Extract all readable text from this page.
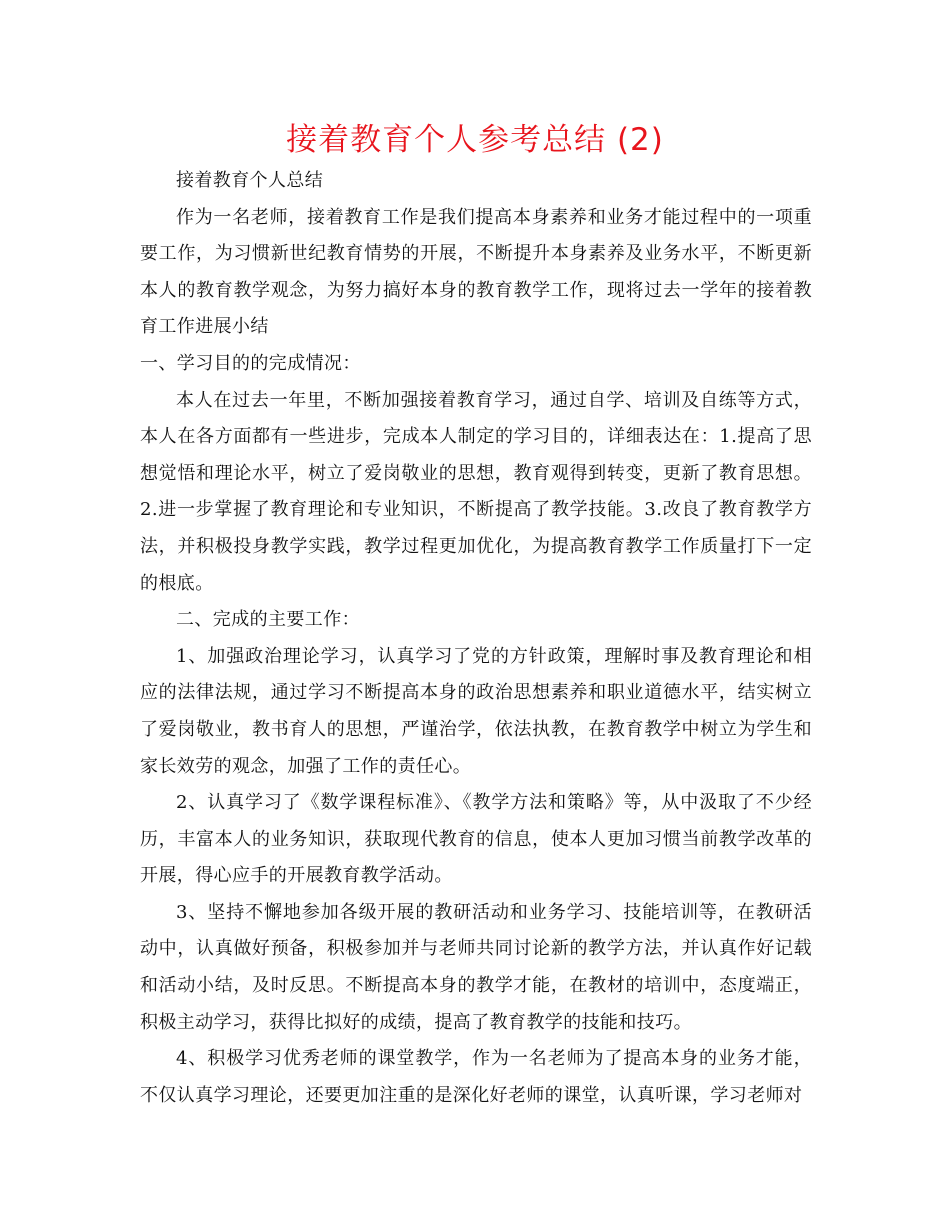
接着教育个人参考总结 (2)

接着教育个人总结

作为一名老师，接着教育工作是我们提高本身素养和业务才能过程中的一项重要工作，为习惯新世纪教育情势的开展，不断提升本身素养及业务水平，不断更新本人的教育教学观念，为努力搞好本身的教育教学工作，现将过去一学年的接着教育工作进展小结

一、学习目的的完成情况：

本人在过去一年里，不断加强接着教育学习，通过自学、培训及自练等方式，本人在各方面都有一些进步，完成本人制定的学习目的，详细表达在：1.提高了思想觉悟和理论水平，树立了爱岗敬业的思想，教育观得到转变，更新了教育思想。2.进一步掌握了教育理论和专业知识，不断提高了教学技能。3.改良了教育教学方法，并积极投身教学实践，教学过程更加优化，为提高教育教学工作质量打下一定的根底。

二、完成的主要工作：

1、加强政治理论学习，认真学习了党的方针政策，理解时事及教育理论和相应的法律法规，通过学习不断提高本身的政治思想素养和职业道德水平，结实树立了爱岗敬业，教书育人的思想，严谨治学，依法执教，在教育教学中树立为学生和家长效劳的观念，加强了工作的责任心。

2、认真学习了《数学课程标准》、《教学方法和策略》等，从中汲取了不少经历，丰富本人的业务知识，获取现代教育的信息，使本人更加习惯当前教学改革的开展，得心应手的开展教育教学活动。

3、坚持不懈地参加各级开展的教研活动和业务学习、技能培训等，在教研活动中，认真做好预备，积极参加并与老师共同讨论新的教学方法，并认真作好记载和活动小结，及时反思。不断提高本身的教学才能，在教材的培训中，态度端正，积极主动学习，获得比拟好的成绩，提高了教育教学的技能和技巧。

4、积极学习优秀老师的课堂教学，作为一名老师为了提高本身的业务才能，不仅认真学习理论，还要更加注重的是深化好老师的课堂，认真听课，学习老师对
